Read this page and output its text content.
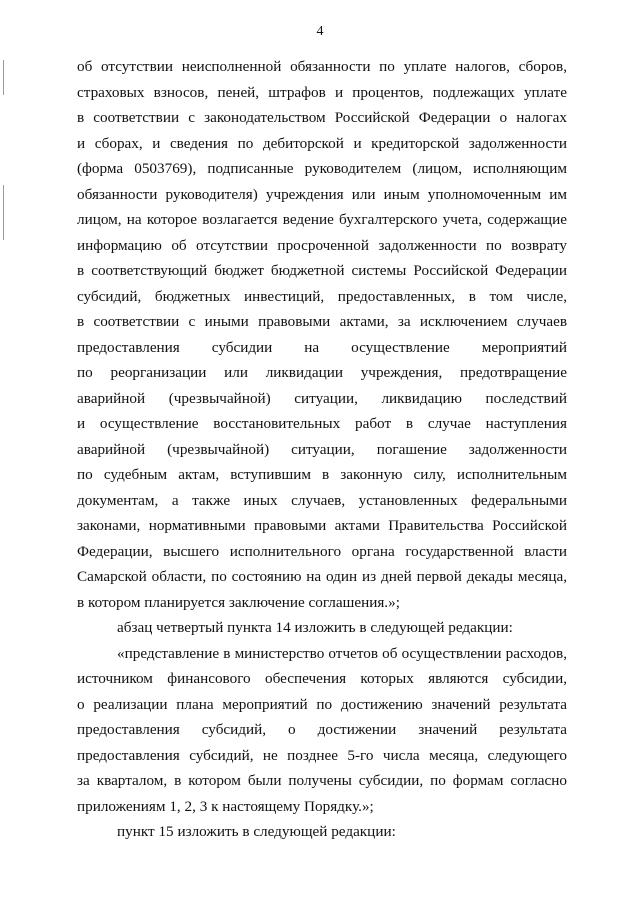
4
об отсутствии неисполненной обязанности по уплате налогов, сборов,
страховых взносов, пеней, штрафов и процентов, подлежащих уплате
в соответствии с законодательством Российской Федерации о налогах
и сборах, и сведения по дебиторской и кредиторской задолженности
(форма 0503769), подписанные руководителем (лицом, исполняющим
обязанности руководителя) учреждения или иным уполномоченным им
лицом, на которое возлагается ведение бухгалтерского учета, содержащие
информацию об отсутствии просроченной задолженности по возврату
в соответствующий бюджет бюджетной системы Российской Федерации
субсидий, бюджетных инвестиций, предоставленных, в том числе,
в соответствии с иными правовыми актами, за исключением случаев
предоставления субсидии на осуществление мероприятий
по реорганизации или ликвидации учреждения, предотвращение
аварийной (чрезвычайной) ситуации, ликвидацию последствий
и осуществление восстановительных работ в случае наступления
аварийной (чрезвычайной) ситуации, погашение задолженности
по судебным актам, вступившим в законную силу, исполнительным
документам, а также иных случаев, установленных федеральными
законами, нормативными правовыми актами Правительства Российской
Федерации, высшего исполнительного органа государственной власти
Самарской области, по состоянию на один из дней первой декады месяца,
в котором планируется заключение соглашения.»;
абзац четвертый пункта 14 изложить в следующей редакции:
«представление в министерство отчетов об осуществлении расходов,
источником финансового обеспечения которых являются субсидии,
о реализации плана мероприятий по достижению значений результата
предоставления субсидий, о достижении значений результата
предоставления субсидий, не позднее 5-го числа месяца, следующего
за кварталом, в котором были получены субсидии, по формам согласно
приложениям 1, 2, 3 к настоящему Порядку.»;
пункт 15 изложить в следующей редакции:
